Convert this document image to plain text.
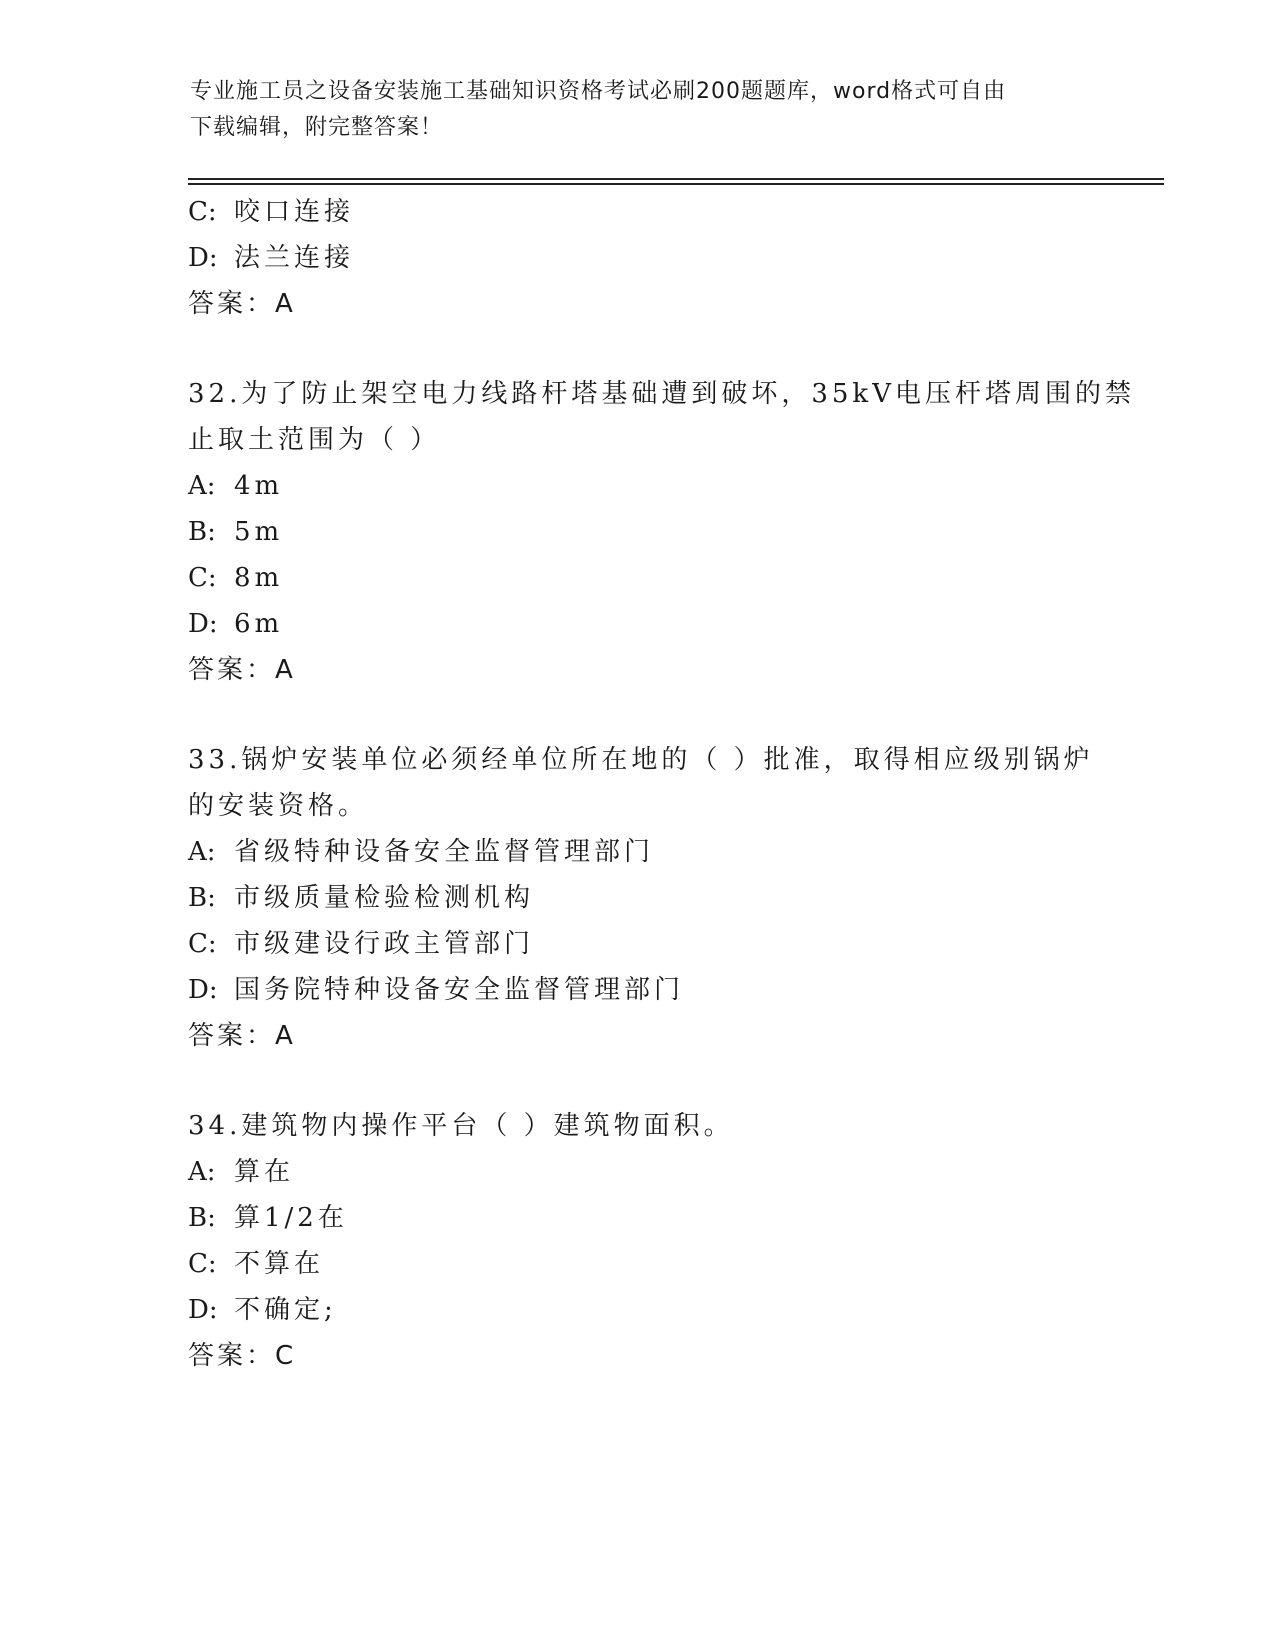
专业施工员之设备安装施工基础知识资格考试必刷200题题库，word格式可自由
下载编辑，附完整答案！
C: 咬口连接
D: 法兰连接
答案：A
32.为了防止架空电力线路杆塔基础遭到破坏，35kV电压杆塔周围的禁
止取土范围为（ ）
A: 4m
B: 5m
C: 8m
D: 6m
答案：A
33.锅炉安装单位必须经单位所在地的（ ）批准，取得相应级别锅炉
的安装资格。
A: 省级特种设备安全监督管理部门
B: 市级质量检验检测机构
C: 市级建设行政主管部门
D: 国务院特种设备安全监督管理部门
答案：A
34.建筑物内操作平台（ ）建筑物面积。
A: 算在
B: 算1/2在
C: 不算在
D: 不确定;
答案：C
